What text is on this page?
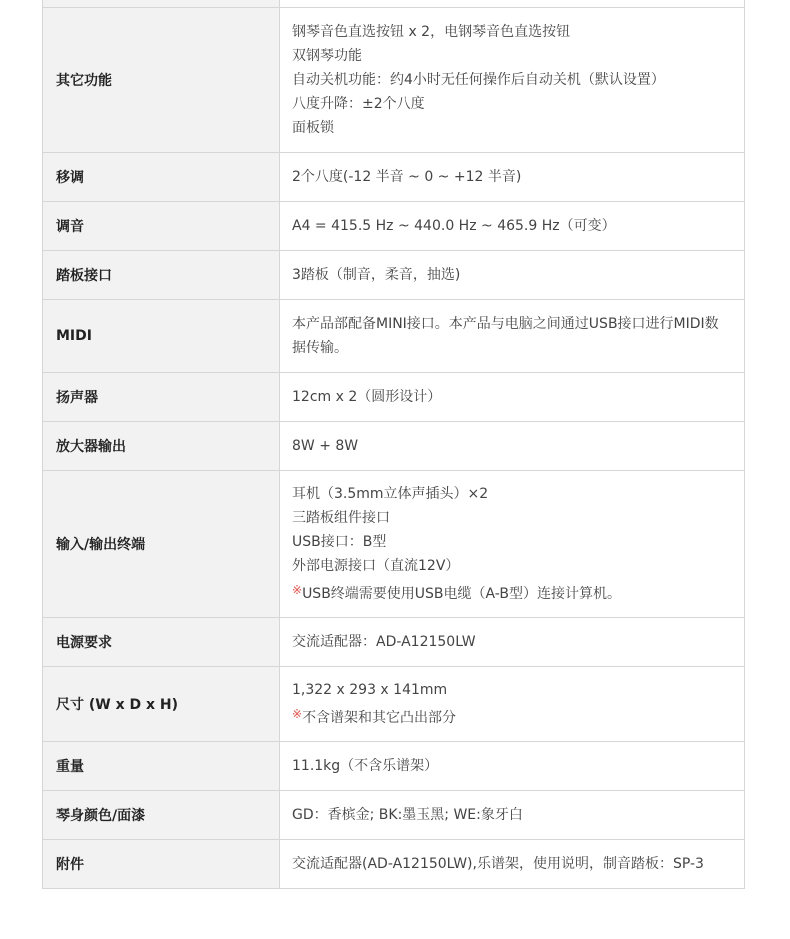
其它功能	钢琴音色直选按钮 x 2，电钢琴音色直选按钮
双钢琴功能
自动关机功能：约4小时无任何操作后自动关机（默认设置）
八度升降：±2个八度
面板锁

移调	2个八度(-12 半音 ~ 0 ~ +12 半音)

调音	A4 = 415.5 Hz ~ 440.0 Hz ~ 465.9 Hz（可变）

踏板接口	3踏板（制音，柔音，抽选)

MIDI	本产品部配备MINI接口。本产品与电脑之间通过USB接口进行MIDI数据传输。

扬声器	12cm x 2（圆形设计）

放大器输出	8W + 8W

输入/输出终端	耳机（3.5mm立体声插头）×2
三踏板组件接口
USB接口：B型
外部电源接口（直流12V）
※USB终端需要使用USB电缆（A-B型）连接计算机。

电源要求	交流适配器：AD-A12150LW

尺寸 (W x D x H)	1,322 x 293 x 141mm
※不含谱架和其它凸出部分

重量	11.1kg（不含乐谱架）

琴身颜色/面漆	GD：香槟金; BK:墨玉黑; WE:象牙白

附件	交流适配器(AD-A12150LW),乐谱架，使用说明，制音踏板：SP-3
